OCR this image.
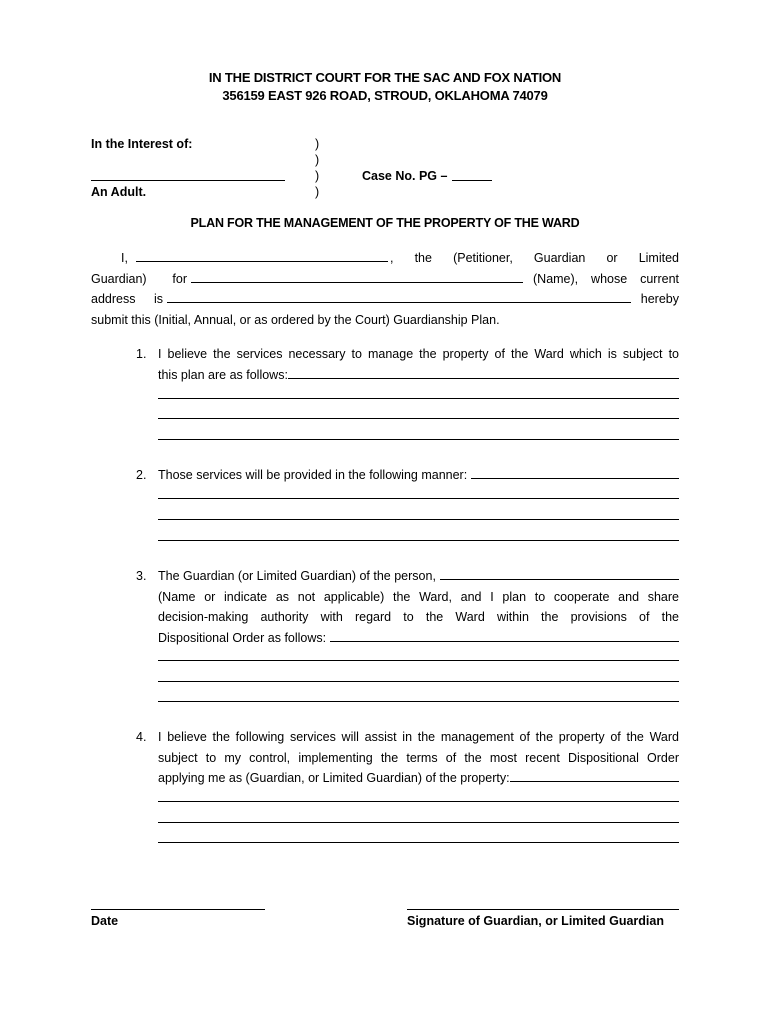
IN THE DISTRICT COURT FOR THE SAC AND FOX NATION
356159 EAST 926 ROAD, STROUD, OKLAHOMA 74079
In the Interest of:	)
)
)
)
An Adult.
Case No. PG –
PLAN FOR THE MANAGEMENT OF THE PROPERTY OF THE WARD
I,	, the (Petitioner, Guardian or Limited
Guardian) for	(Name), whose current
address is	hereby
submit this (Initial, Annual, or as ordered by the Court) Guardianship Plan.
1. I believe the services necessary to manage the property of the Ward which is subject to
this plan are as follows:
2. Those services will be provided in the following manner:
3. The Guardian (or Limited Guardian) of the person,
(Name or indicate as not applicable) the Ward, and I plan to cooperate and share
decision-making authority with regard to the Ward within the provisions of the
Dispositional Order as follows:
4. I believe the following services will assist in the management of the property of the Ward
subject to my control, implementing the terms of the most recent Dispositional Order
applying me as (Guardian, or Limited Guardian) of the property:
Date	Signature of Guardian, or Limited Guardian
